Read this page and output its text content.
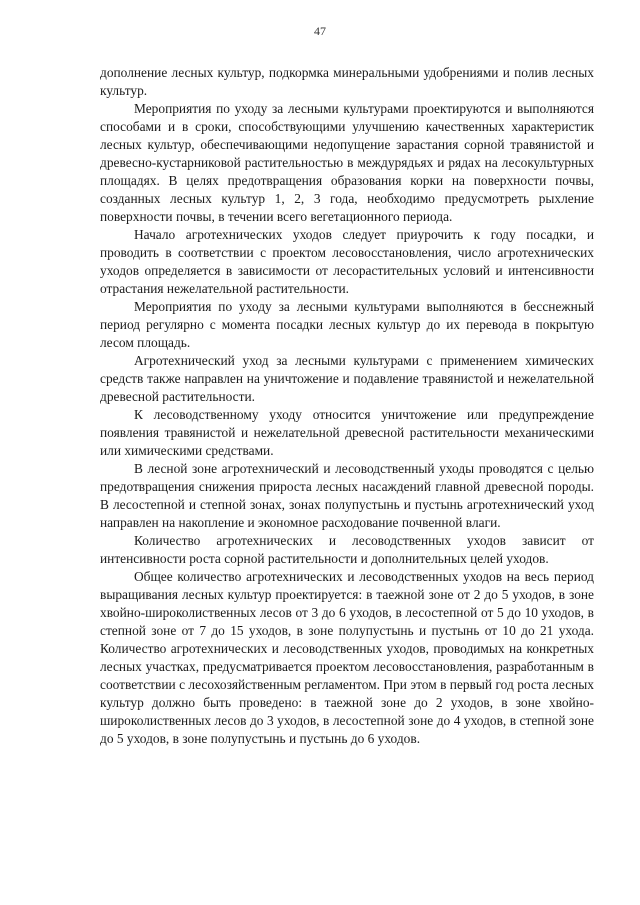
47

дополнение лесных культур, подкормка минеральными удобрениями и полив лесных культур.

Мероприятия по уходу за лесными культурами проектируются и выполняются способами и в сроки, способствующими улучшению качественных характеристик лесных культур, обеспечивающими недопущение зарастания сорной травянистой и древесно-кустарниковой растительностью в междурядьях и рядах на лесокультурных площадях. В целях предотвращения образования корки на поверхности почвы, созданных лесных культур 1, 2, 3 года, необходимо предусмотреть рыхление поверхности почвы, в течении всего вегетационного периода.

Начало агротехнических уходов следует приурочить к году посадки, и проводить в соответствии с проектом лесовосстановления, число агротехнических уходов определяется в зависимости от лесорастительных условий и интенсивности отрастания нежелательной растительности.

Мероприятия по уходу за лесными культурами выполняются в бесснежный период регулярно с момента посадки лесных культур до их перевода в покрытую лесом площадь.

Агротехнический уход за лесными культурами с применением химических средств также направлен на уничтожение и подавление травянистой и нежелательной древесной растительности.

К лесоводственному уходу относится уничтожение или предупреждение появления травянистой и нежелательной древесной растительности механическими или химическими средствами.

В лесной зоне агротехнический и лесоводственный уходы проводятся с целью предотвращения снижения прироста лесных насаждений главной древесной породы. В лесостепной и степной зонах, зонах полупустынь и пустынь агротехнический уход направлен на накопление и экономное расходование почвенной влаги.

Количество агротехнических и лесоводственных уходов зависит от интенсивности роста сорной растительности и дополнительных целей уходов.

Общее количество агротехнических и лесоводственных уходов на весь период выращивания лесных культур проектируется: в таежной зоне от 2 до 5 уходов, в зоне хвойно-широколиственных лесов от 3 до 6 уходов, в лесостепной от 5 до 10 уходов, в степной зоне от 7 до 15 уходов, в зоне полупустынь и пустынь от 10 до 21 ухода. Количество агротехнических и лесоводственных уходов, проводимых на конкретных лесных участках, предусматривается проектом лесовосстановления, разработанным в соответствии с лесохозяйственным регламентом. При этом в первый год роста лесных культур должно быть проведено: в таежной зоне до 2 уходов, в зоне хвойно-широколиственных лесов до 3 уходов, в лесостепной зоне до 4 уходов, в степной зоне до 5 уходов, в зоне полупустынь и пустынь до 6 уходов.
